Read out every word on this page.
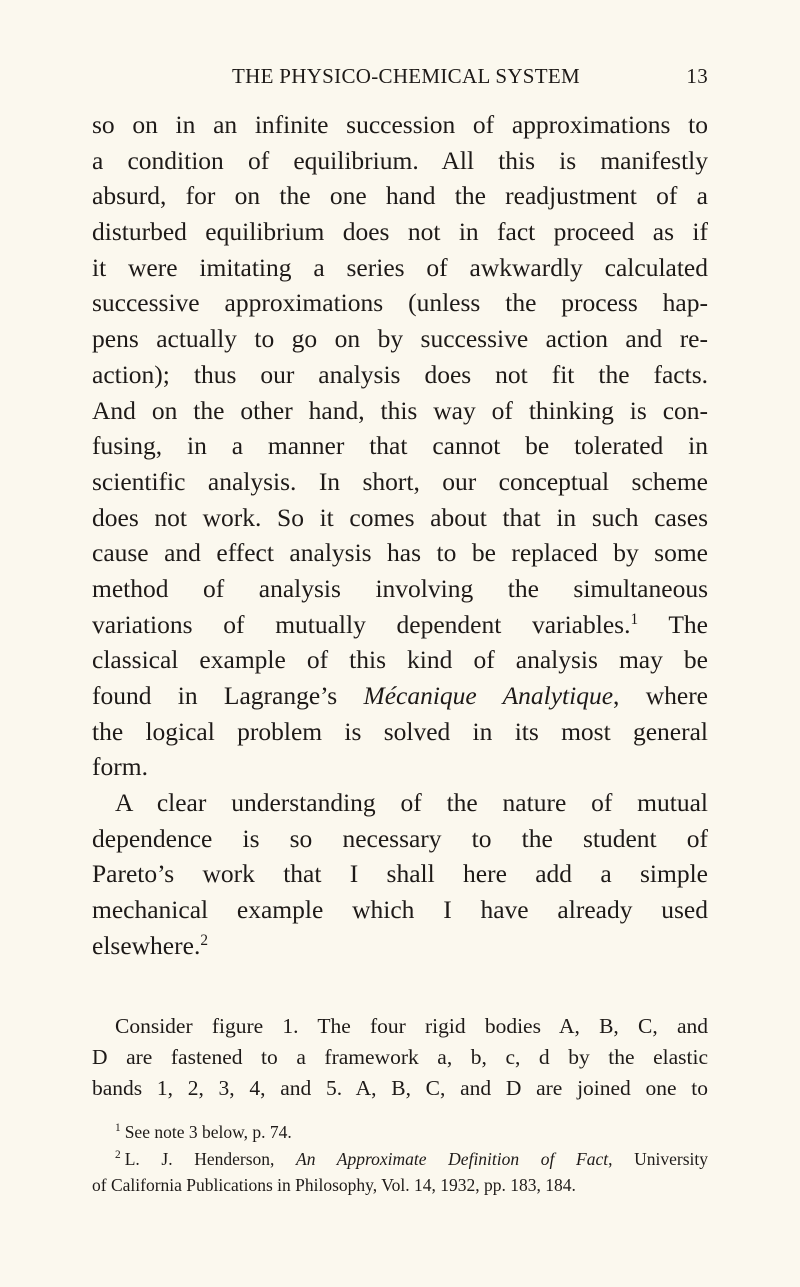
THE PHYSICO-CHEMICAL SYSTEM	13
so on in an infinite succession of approximations to
a condition of equilibrium. All this is manifestly
absurd, for on the one hand the readjustment of a
disturbed equilibrium does not in fact proceed as if
it were imitating a series of awkwardly calculated
successive approximations (unless the process hap-
pens actually to go on by successive action and re-
action); thus our analysis does not fit the facts.
And on the other hand, this way of thinking is con-
fusing, in a manner that cannot be tolerated in
scientific analysis. In short, our conceptual scheme
does not work. So it comes about that in such cases
cause and effect analysis has to be replaced by some
method of analysis involving the simultaneous
variations of mutually dependent variables.$^1$ The
classical example of this kind of analysis may be
found in Lagrange’s Mécanique Analytique, where
the logical problem is solved in its most general
form.
A clear understanding of the nature of mutual
dependence is so necessary to the student of
Pareto’s work that I shall here add a simple
mechanical example which I have already used
elsewhere.$^2$
Consider figure 1. The four rigid bodies A, B, C, and
D are fastened to a framework a, b, c, d by the elastic
bands 1, 2, 3, 4, and 5. A, B, C, and D are joined one to
$^1$ See note 3 below, p. 74.
$^2$ L. J. Henderson, An Approximate Definition of Fact, University
of California Publications in Philosophy, Vol. 14, 1932, pp. 183, 184.
